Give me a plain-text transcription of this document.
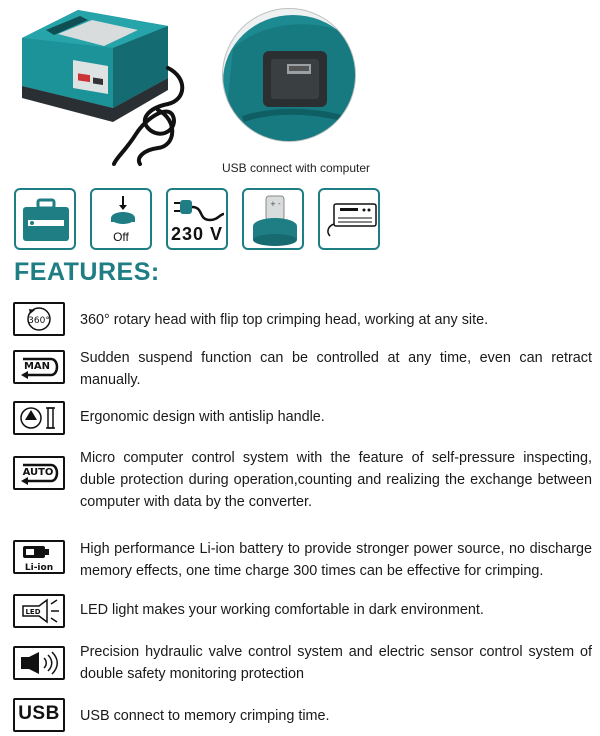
USB connect with computer
Off	230 V
+ -
FEATURES:
360° 360° rotary head with flip top crimping head, working at any site.
MAN
Sudden suspend function can be controlled at any time, even can retract manually.
Ergonomic design with antislip handle.
AUTO
Micro computer control system with the feature of self-pressure inspecting, duble protection during operation,counting and realizing the exchange between computer with data by the converter.
Li-ion
High performance Li-ion battery to provide stronger power source, no discharge memory effects, one time charge 300 times can be effective for crimping.
LED	LED light makes your working comfortable in dark environment.
Precision hydraulic valve control system and electric sensor control system of double safety monitoring protection
USB USB connect to memory crimping time.
